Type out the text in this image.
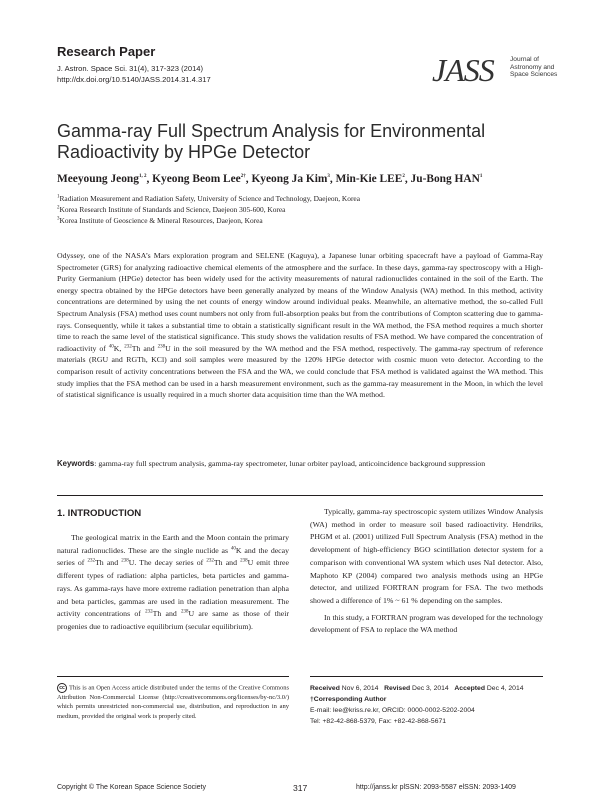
Research Paper
J. Astron. Space Sci. 31(4), 317-323 (2014)
http://dx.doi.org/10.5140/JASS.2014.31.4.317	JASS Journal of
Astronomy and
Space Sciences
Gamma-ray Full Spectrum Analysis for Environmental Radioactivity by HPGe Detector
Meeyoung Jeong$^{1, 2}$, Kyeong Beom Lee$^{2\dagger}$, Kyeong Ja Kim$^3$, Min-Kie LEE$^2$, Ju-Bong HAN$^1$
$^1$Radiation Measurement and Radiation Safety, University of Science and Technology, Daejeon, Korea
$^2$Korea Research Institute of Standards and Science, Daejeon 305-600, Korea
$^3$Korea Institute of Geoscience & Mineral Resources, Daejeon, Korea
Odyssey, one of the NASA’s Mars exploration program and SELENE (Kaguya), a Japanese lunar orbiting spacecraft have a payload of Gamma-Ray Spectrometer (GRS) for analyzing radioactive chemical elements of the atmosphere and the surface. In these days, gamma-ray spectroscopy with a High-Purity Germanium (HPGe) detector has been widely used for the activity measurements of natural radionuclides contained in the soil of the Earth. The energy spectra obtained by the HPGe detectors have been generally analyzed by means of the Window Analysis (WA) method. In this method, activity concentrations are determined by using the net counts of energy window around individual peaks. Meanwhile, an alternative method, the so-called Full Spectrum Analysis (FSA) method uses count numbers not only from full-absorption peaks but from the contributions of Compton scattering due to gamma-rays. Consequently, while it takes a substantial time to obtain a statistically significant result in the WA method, the FSA method requires a much shorter time to reach the same level of the statistical significance. This study shows the validation results of FSA method. We have compared the concentration of radioactivity of $^{40}$K, $^{232}$Th and $^{238}$U in the soil measured by the WA method and the FSA method, respectively. The gamma-ray spectrum of reference materials (RGU and RGTh, KCl) and soil samples were measured by the 120% HPGe detector with cosmic muon veto detector. According to the comparison result of activity concentrations between the FSA and the WA, we could conclude that FSA method is validated against the WA method. This study implies that the FSA method can be used in a harsh measurement environment, such as the gamma-ray measurement in the Moon, in which the level of statistical significance is usually required in a much shorter data acquisition time than the WA method.
Keywords: gamma-ray full spectrum analysis, gamma-ray spectrometer, lunar orbiter payload, anticoincidence background suppression
1. INTRODUCTION

The geological matrix in the Earth and the Moon contain the primary natural radionuclides. These are the single nuclide as $^{40}$K and the decay series of $^{232}$Th and $^{238}$U. The decay series of $^{232}$Th and $^{238}$U emit three different types of radiation: alpha particles, beta particles and gamma-rays. As gamma-rays have more extreme radiation penetration than alpha and beta particles, gammas are used in the radiation measurement. The activity concentrations of $^{232}$Th and $^{238}$U are same as those of their progenies due to radioactive equilibrium (secular equilibrium).

Typically, gamma-ray spectroscopic system utilizes Window Analysis (WA) method in order to measure soil based radioactivity. Hendriks, PHGM et al. (2001) utilized Full Spectrum Analysis (FSA) method in the development of high-efficiency BGO scintillation detector system for a comparison with conventional WA system which uses NaI detector. Also, Maphoto KP (2004) compared two analysis methods using an HPGe detector, and utilized FORTRAN program for FSA. The two methods showed a difference of 1% ~ 61 % depending on the samples.

In this study, a FORTRAN program was developed for the technology development of FSA to replace the WA method

cc This is an Open Access article distributed under the terms of the Creative Commons Attribution Non-Commercial License (http://creativecommons.org/licenses/by-nc/3.0/) which permits unrestricted non-commercial use, distribution, and reproduction in any medium, provided the original work is properly cited.
Received Nov 6, 2014 Revised Dec 3, 2014 Accepted Dec 4, 2014
†Corresponding Author
E-mail: lee@kriss.re.kr, ORCID: 0000-0002-5202-2004
Tel: +82-42-868-5379, Fax: +82-42-868-5671
Copyright © The Korean Space Science Society	317	http://janss.kr plSSN: 2093-5587 elSSN: 2093-1409
